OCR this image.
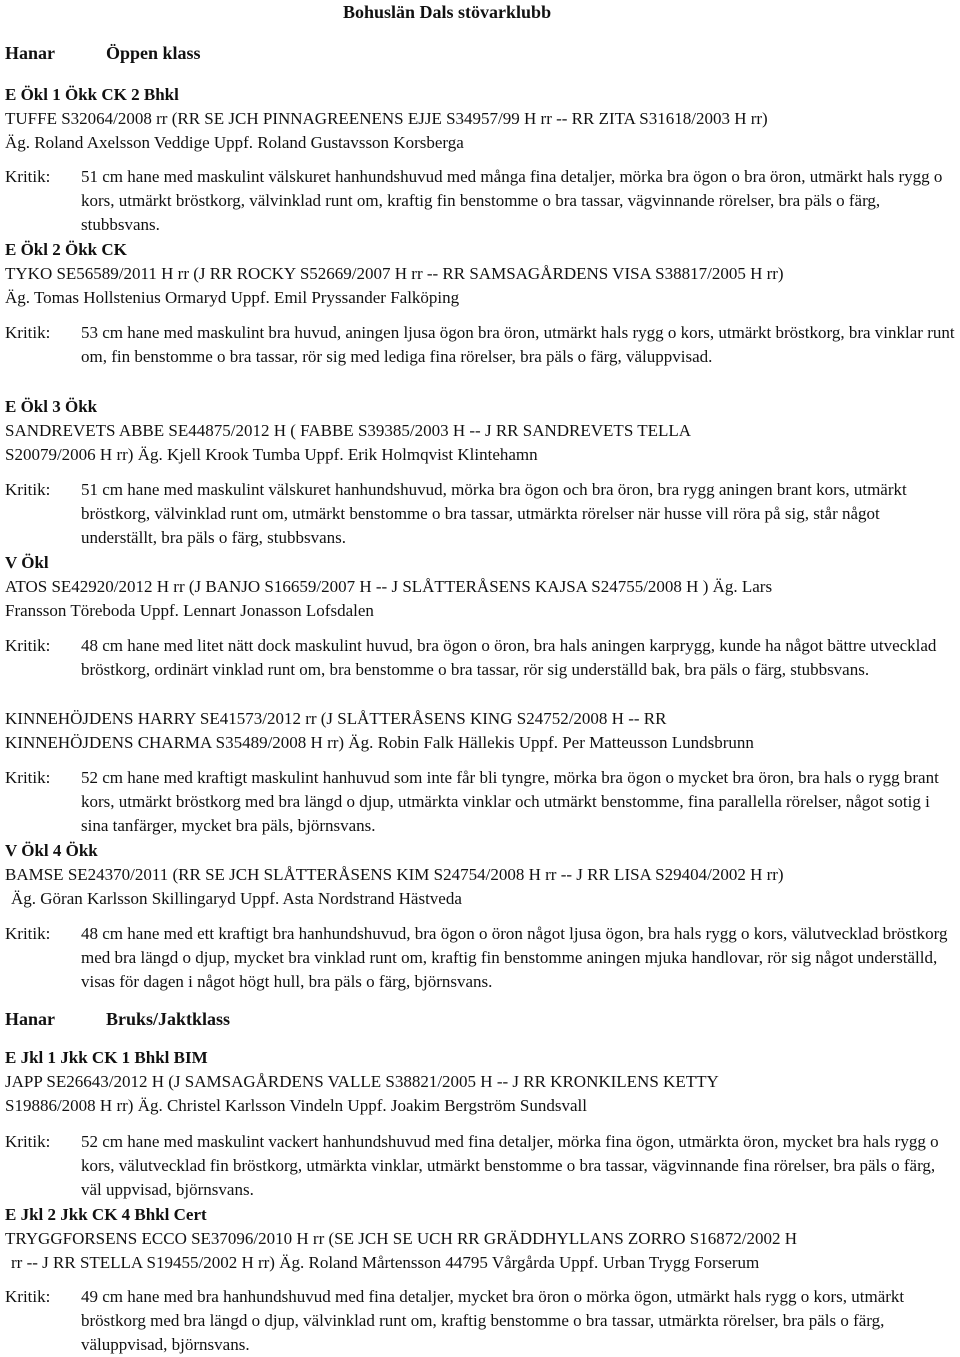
Bohuslän Dals stövarklubb
Hanar	Öppen klass
E Ökl 1 Ökk CK 2 Bhkl
TUFFE S32064/2008 rr (RR SE JCH PINNAGREENENS EJJE S34957/99 H rr -- RR ZITA S31618/2003 H rr)
Äg. Roland Axelsson Veddige Uppf. Roland Gustavsson Korsberga
Kritik:	51 cm hane med maskulint välskuret hanhundshuvud med många fina detaljer, mörka bra ögon o bra öron, utmärkt hals rygg o kors, utmärkt bröstkorg, välvinklad runt om, kraftig fin benstomme o bra tassar, vägvinnande rörelser, bra päls o färg, stubbsvans.

E Ökl 2 Ökk CK
TYKO SE56589/2011 H rr (J RR ROCKY S52669/2007 H rr -- RR SAMSAGÅRDENS VISA S38817/2005 H rr)
Äg. Tomas Hollstenius Ormaryd Uppf. Emil Pryssander Falköping
Kritik:	53 cm hane med maskulint bra huvud, aningen ljusa ögon bra öron, utmärkt hals rygg o kors, utmärkt bröstkorg, bra vinklar runt om, fin benstomme o bra tassar, rör sig med lediga fina rörelser, bra päls o färg, väluppvisad.

E Ökl 3 Ökk
SANDREVETS ABBE SE44875/2012 H ( FABBE S39385/2003 H -- J RR SANDREVETS TELLA
S20079/2006 H rr) Äg. Kjell Krook Tumba Uppf. Erik Holmqvist Klintehamn
Kritik:	51 cm hane med maskulint välskuret hanhundshuvud, mörka bra ögon och bra öron, bra rygg aningen brant kors, utmärkt bröstkorg, välvinklad runt om, utmärkt benstomme o bra tassar, utmärkta rörelser när husse vill röra på sig, står något underställt, bra päls o färg, stubbsvans.

V Ökl
ATOS SE42920/2012 H rr (J BANJO S16659/2007 H -- J SLÅTTERÅSENS KAJSA S24755/2008 H ) Äg. Lars
Fransson Töreboda Uppf. Lennart Jonasson Lofsdalen
Kritik:	48 cm hane med litet nätt dock maskulint huvud, bra ögon o öron, bra hals aningen karprygg, kunde ha något bättre utvecklad bröstkorg, ordinärt vinklad runt om, bra benstomme o bra tassar, rör sig underställd bak, bra päls o färg, stubbsvans.

KINNEHÖJDENS HARRY SE41573/2012 rr (J SLÅTTERÅSENS KING S24752/2008 H -- RR
KINNEHÖJDENS CHARMA S35489/2008 H rr) Äg. Robin Falk Hällekis Uppf. Per Matteusson Lundsbrunn
Kritik:	52 cm hane med kraftigt maskulint hanhuvud som inte får bli tyngre, mörka bra ögon o mycket bra öron, bra hals o rygg brant kors, utmärkt bröstkorg med bra längd o djup, utmärkta vinklar och utmärkt benstomme, fina parallella rörelser, något sotig i sina tanfärger, mycket bra päls, björnsvans.

V Ökl 4 Ökk
BAMSE SE24370/2011 (RR SE JCH SLÅTTERÅSENS KIM S24754/2008 H rr -- J RR LISA S29404/2002 H rr)
Äg. Göran Karlsson Skillingaryd Uppf. Asta Nordstrand Hästveda
Kritik:	48 cm hane med ett kraftigt bra hanhundshuvud, bra ögon o öron något ljusa ögon, bra hals rygg o kors, välutvecklad bröstkorg med bra längd o djup, mycket bra vinklad runt om, kraftig fin benstomme aningen mjuka handlovar, rör sig något underställd, visas för dagen i något högt hull, bra päls o färg, björnsvans.

Hanar	Bruks/Jaktklass
E Jkl 1 Jkk CK 1 Bhkl BIM
JAPP SE26643/2012 H (J SAMSAGÅRDENS VALLE S38821/2005 H -- J RR KRONKILENS KETTY
S19886/2008 H rr) Äg. Christel Karlsson Vindeln Uppf. Joakim Bergström Sundsvall
Kritik:	52 cm hane med maskulint vackert hanhundshuvud med fina detaljer, mörka fina ögon, utmärkta öron, mycket bra hals rygg o kors, välutvecklad fin bröstkorg, utmärkta vinklar, utmärkt benstomme o bra tassar, vägvinnande fina rörelser, bra päls o färg, väl uppvisad, björnsvans.

E Jkl 2 Jkk CK 4 Bhkl Cert
TRYGGFORSENS ECCO SE37096/2010 H rr (SE JCH SE UCH RR GRÄDDHYLLANS ZORRO S16872/2002 H
rr -- J RR STELLA S19455/2002 H rr) Äg. Roland Mårtensson 44795 Vårgårda Uppf. Urban Trygg Forserum
Kritik:	49 cm hane med bra hanhundshuvud med fina detaljer, mycket bra öron o mörka ögon, utmärkt hals rygg o kors, utmärkt bröstkorg med bra längd o djup, välvinklad runt om, kraftig benstomme o bra tassar, utmärkta rörelser, bra päls o färg, väluppvisad, björnsvans.
